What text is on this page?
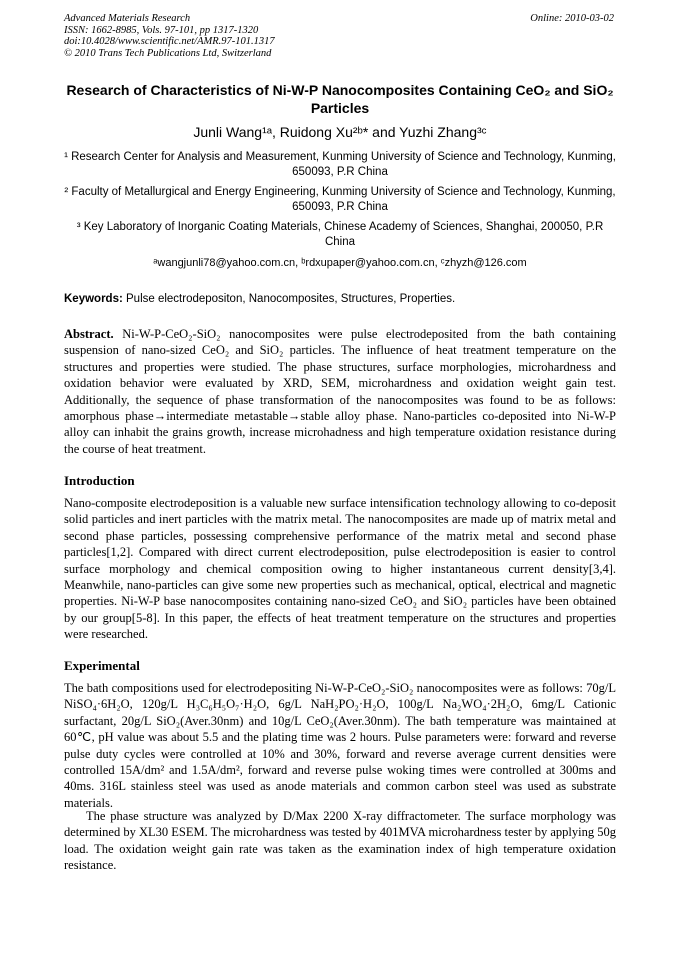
Advanced Materials Research
ISSN: 1662-8985, Vols. 97-101, pp 1317-1320
doi:10.4028/www.scientific.net/AMR.97-101.1317
© 2010 Trans Tech Publications Ltd, Switzerland
Online: 2010-03-02
Research of Characteristics of Ni-W-P Nanocomposites Containing CeO₂ and SiO₂ Particles
Junli Wang¹ᵃ, Ruidong Xu²ᵇ* and Yuzhi Zhang³ᶜ
¹ Research Center for Analysis and Measurement, Kunming University of Science and Technology, Kunming, 650093, P.R China
² Faculty of Metallurgical and Energy Engineering, Kunming University of Science and Technology, Kunming, 650093, P.R China
³ Key Laboratory of Inorganic Coating Materials, Chinese Academy of Sciences, Shanghai, 200050, P.R China
ᵃwangjunli78@yahoo.com.cn, ᵇrdxupaper@yahoo.com.cn, ᶜzhyzh@126.com
Keywords: Pulse electrodepositon, Nanocomposites, Structures, Properties.
Abstract. Ni-W-P-CeO₂-SiO₂ nanocomposites were pulse electrodeposited from the bath containing suspension of nano-sized CeO₂ and SiO₂ particles. The influence of heat treatment temperature on the structures and properties were studied. The phase structures, surface morphologies, microhardness and oxidation behavior were evaluated by XRD, SEM, microhardness and oxidation weight gain test. Additionally, the sequence of phase transformation of the nanocomposites was found to be as follows: amorphous phase→intermediate metastable→stable alloy phase. Nano-particles co-deposited into Ni-W-P alloy can inhabit the grains growth, increase microhadness and high temperature oxidation resistance during the course of heat treatment.
Introduction
Nano-composite electrodeposition is a valuable new surface intensification technology allowing to co-deposit solid particles and inert particles with the matrix metal. The nanocomposites are made up of matrix metal and second phase particles, possessing comprehensive performance of the matrix metal and second phase particles[1,2]. Compared with direct current electrodeposition, pulse electrodeposition is easier to control surface morphology and chemical composition owing to higher instantaneous current density[3,4]. Meanwhile, nano-particles can give some new properties such as mechanical, optical, electrical and magnetic properties. Ni-W-P base nanocomposites containing nano-sized CeO₂ and SiO₂ particles have been obtained by our group[5-8]. In this paper, the effects of heat treatment temperature on the structures and properties were researched.
Experimental
The bath compositions used for electrodepositing Ni-W-P-CeO₂-SiO₂ nanocomposites were as follows: 70g/L NiSO₄·6H₂O, 120g/L H₃C₆H₅O₇·H₂O, 6g/L NaH₂PO₂·H₂O, 100g/L Na₂WO₄·2H₂O, 6mg/L Cationic surfactant, 20g/L SiO₂(Aver.30nm) and 10g/L CeO₂(Aver.30nm). The bath temperature was maintained at 60℃, pH value was about 5.5 and the plating time was 2 hours. Pulse parameters were: forward and reverse pulse duty cycles were controlled at 10% and 30%, forward and reverse average current densities were controlled 15A/dm² and 1.5A/dm², forward and reverse pulse woking times were controlled at 300ms and 40ms. 316L stainless steel was used as anode materials and common carbon steel was used as substrate materials.
The phase structure was analyzed by D/Max 2200 X-ray diffractometer. The surface morphology was determined by XL30 ESEM. The microhardness was tested by 401MVA microhardness tester by applying 50g load. The oxidation weight gain rate was taken as the examination index of high temperature oxidation resistance.
